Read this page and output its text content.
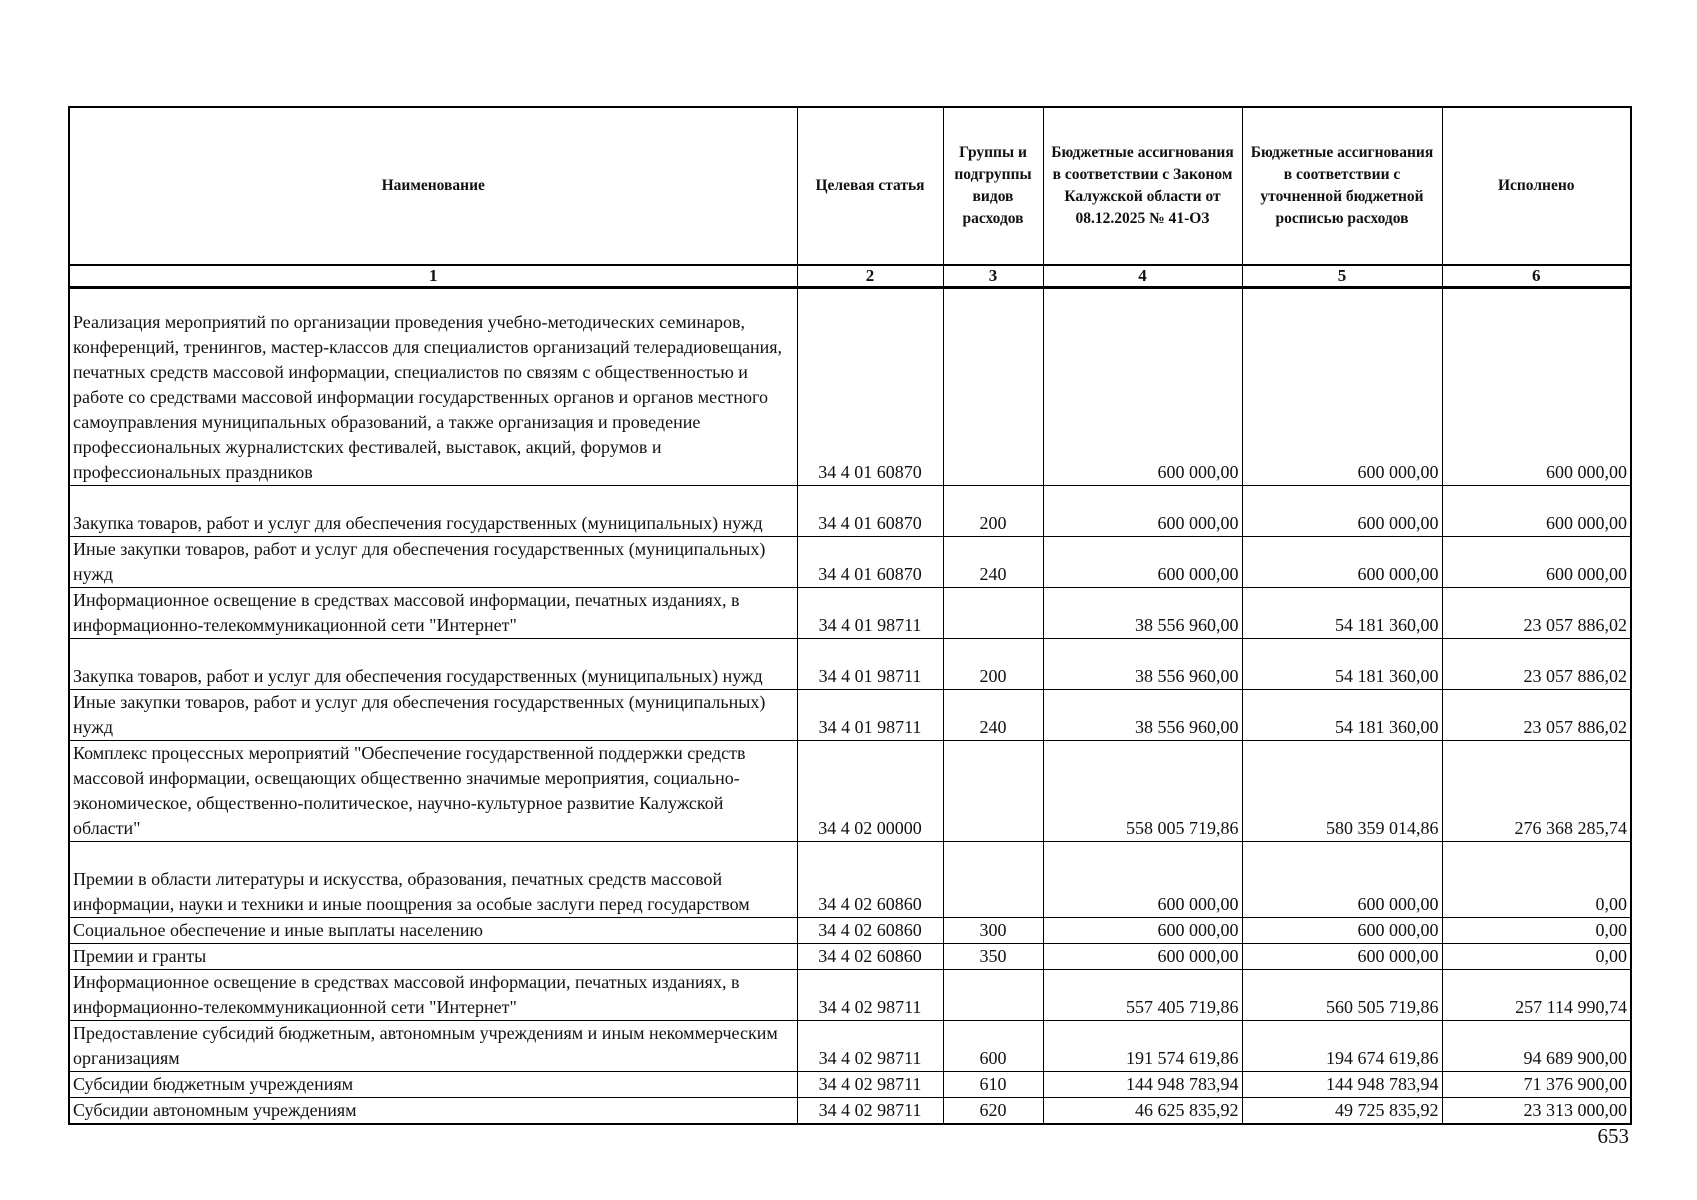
Наименование	Целевая статья	Группы и подгруппы видов расходов	Бюджетные ассигнования в соответствии с Законом Калужской области от 08.12.2025 № 41-ОЗ	Бюджетные ассигнования в соответствии с уточненной бюджетной росписью расходов	Исполнено
1	2	3	4	5	6
Реализация мероприятий по организации проведения учебно-методических семинаров, конференций, тренингов, мастер-классов для специалистов организаций телерадиовещания, печатных средств массовой информации, специалистов по связям с общественностью и работе со средствами массовой информации государственных органов и органов местного самоуправления муниципальных образований, а также организация и проведение профессиональных журналистских фестивалей, выставок, акций, форумов и профессиональных праздников	34 4 01 60870		600 000,00	600 000,00	600 000,00
Закупка товаров, работ и услуг для обеспечения государственных (муниципальных) нужд	34 4 01 60870	200	600 000,00	600 000,00	600 000,00
Иные закупки товаров, работ и услуг для обеспечения государственных (муниципальных) нужд	34 4 01 60870	240	600 000,00	600 000,00	600 000,00
Информационное освещение в средствах массовой информации, печатных изданиях, в информационно-телекоммуникационной сети "Интернет"	34 4 01 98711		38 556 960,00	54 181 360,00	23 057 886,02
Закупка товаров, работ и услуг для обеспечения государственных (муниципальных) нужд	34 4 01 98711	200	38 556 960,00	54 181 360,00	23 057 886,02
Иные закупки товаров, работ и услуг для обеспечения государственных (муниципальных) нужд	34 4 01 98711	240	38 556 960,00	54 181 360,00	23 057 886,02
Комплекс процессных мероприятий "Обеспечение государственной поддержки средств массовой информации, освещающих общественно значимые мероприятия, социально-экономическое, общественно-политическое, научно-культурное развитие Калужской области"	34 4 02 00000		558 005 719,86	580 359 014,86	276 368 285,74
Премии в области литературы и искусства, образования, печатных средств массовой информации, науки и техники и иные поощрения за особые заслуги перед государством	34 4 02 60860		600 000,00	600 000,00	0,00
Социальное обеспечение и иные выплаты населению	34 4 02 60860	300	600 000,00	600 000,00	0,00
Премии и гранты	34 4 02 60860	350	600 000,00	600 000,00	0,00
Информационное освещение в средствах массовой информации, печатных изданиях, в информационно-телекоммуникационной сети "Интернет"	34 4 02 98711		557 405 719,86	560 505 719,86	257 114 990,74
Предоставление субсидий бюджетным, автономным учреждениям и иным некоммерческим организациям	34 4 02 98711	600	191 574 619,86	194 674 619,86	94 689 900,00
Субсидии бюджетным учреждениям	34 4 02 98711	610	144 948 783,94	144 948 783,94	71 376 900,00
Субсидии автономным учреждениям	34 4 02 98711	620	46 625 835,92	49 725 835,92	23 313 000,00
653
